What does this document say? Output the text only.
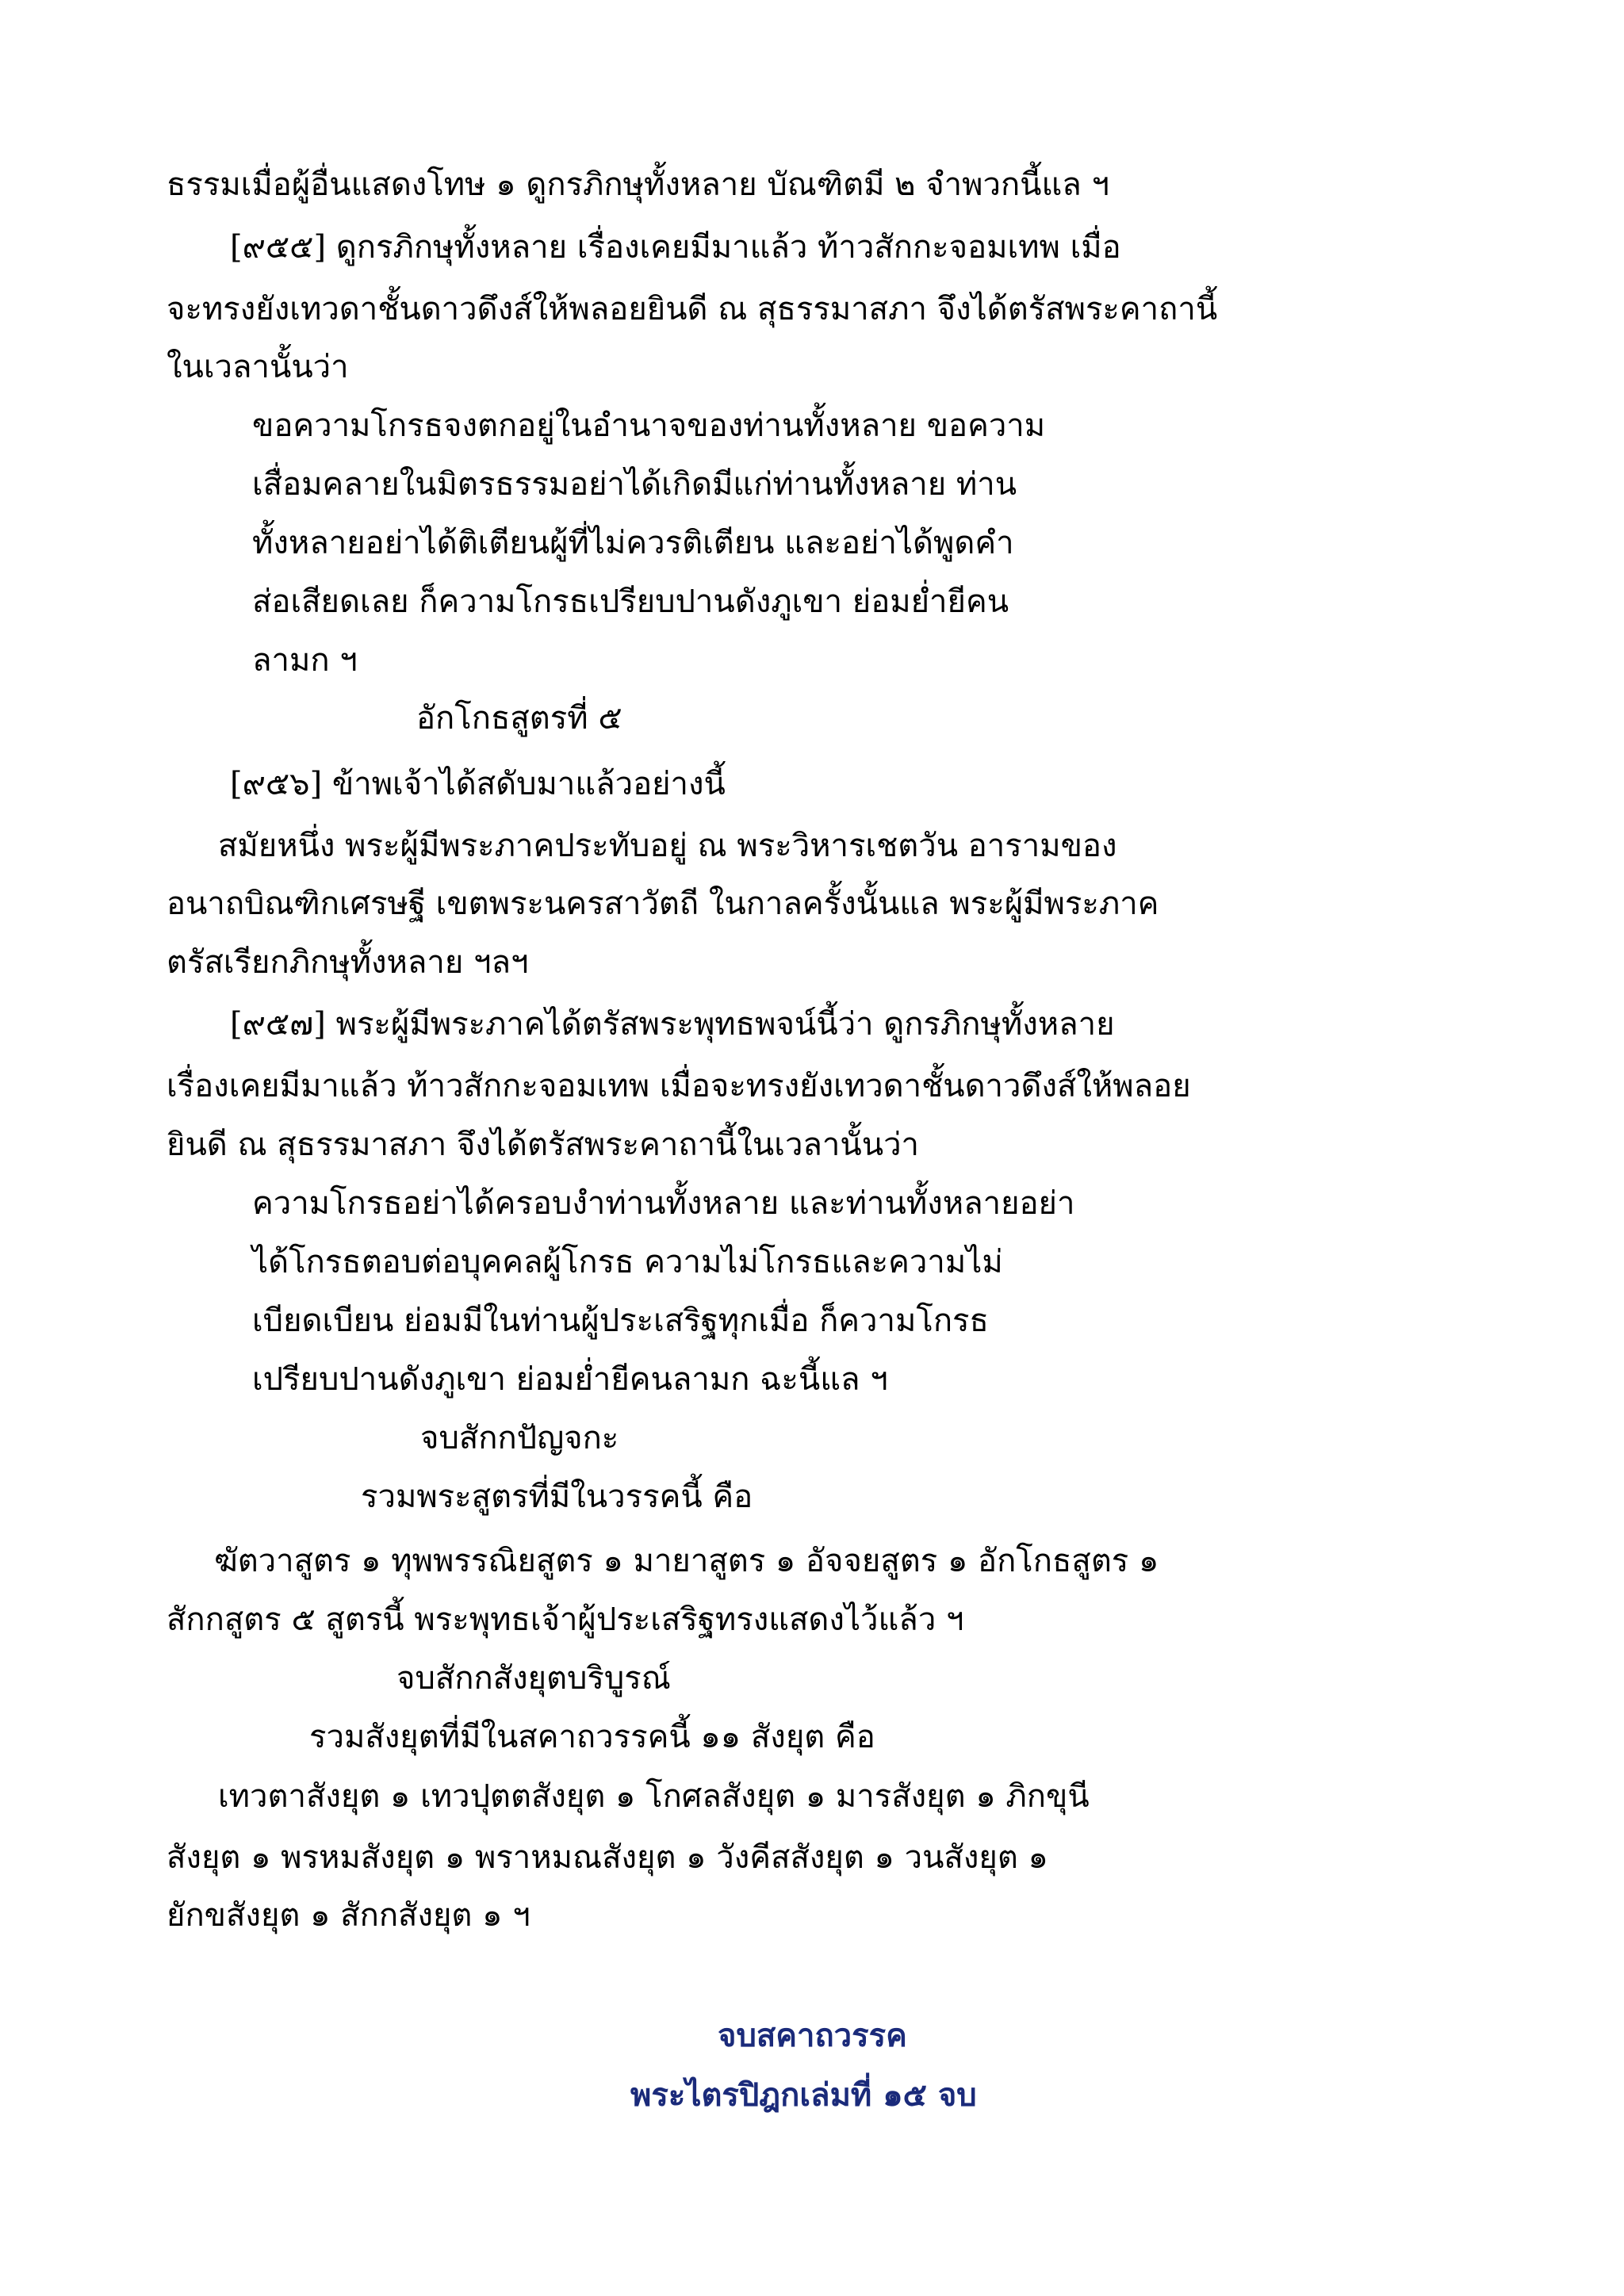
ธรรมเมื่อผู้อื่นแสดงโทษ ๑ ดูกรภิกษุทั้งหลาย บัณฑิตมี ๒ จำพวกนี้แล ฯ
[๙๕๕] ดูกรภิกษุทั้งหลาย เรื่องเคยมีมาแล้ว ท้าวสักกะจอมเทพ เมื่อ
จะทรงยังเทวดาชั้นดาวดึงส์ให้พลอยยินดี ณ สุธรรมาสภา จึงได้ตรัสพระคาถานี้
ในเวลานั้นว่า
ขอความโกรธจงตกอยู่ในอำนาจของท่านทั้งหลาย ขอความ
เสื่อมคลายในมิตรธรรมอย่าได้เกิดมีแก่ท่านทั้งหลาย ท่าน
ทั้งหลายอย่าได้ติเตียนผู้ที่ไม่ควรติเตียน และอย่าได้พูดคำ
ส่อเสียดเลย ก็ความโกรธเปรียบปานดังภูเขา ย่อมย่ำยีคน
ลามก ฯ
อักโกธสูตรที่ ๕
[๙๕๖] ข้าพเจ้าได้สดับมาแล้วอย่างนี้
สมัยหนึ่ง พระผู้มีพระภาคประทับอยู่ ณ พระวิหารเชตวัน อารามของ
อนาถบิณฑิกเศรษฐี เขตพระนครสาวัตถี ในกาลครั้งนั้นแล พระผู้มีพระภาค
ตรัสเรียกภิกษุทั้งหลาย ฯลฯ
[๙๕๗] พระผู้มีพระภาคได้ตรัสพระพุทธพจน์นี้ว่า ดูกรภิกษุทั้งหลาย
เรื่องเคยมีมาแล้ว ท้าวสักกะจอมเทพ เมื่อจะทรงยังเทวดาชั้นดาวดึงส์ให้พลอย
ยินดี ณ สุธรรมาสภา จึงได้ตรัสพระคาถานี้ในเวลานั้นว่า
ความโกรธอย่าได้ครอบงำท่านทั้งหลาย และท่านทั้งหลายอย่า
ได้โกรธตอบต่อบุคคลผู้โกรธ ความไม่โกรธและความไม่
เบียดเบียน ย่อมมีในท่านผู้ประเสริฐทุกเมื่อ ก็ความโกรธ
เปรียบปานดังภูเขา ย่อมย่ำยีคนลามก ฉะนี้แล ฯ
จบสักกปัญจกะ
รวมพระสูตรที่มีในวรรคนี้ คือ
ฆัตวาสูตร ๑ ทุพพรรณิยสูตร ๑ มายาสูตร ๑ อัจจยสูตร ๑ อักโกธสูตร ๑
สักกสูตร ๕ สูตรนี้ พระพุทธเจ้าผู้ประเสริฐทรงแสดงไว้แล้ว ฯ
จบสักกสังยุตบริบูรณ์
รวมสังยุตที่มีในสคาถวรรคนี้ ๑๑ สังยุต คือ
เทวตาสังยุต ๑ เทวปุตตสังยุต ๑ โกศลสังยุต ๑ มารสังยุต ๑ ภิกขุนี
สังยุต ๑ พรหมสังยุต ๑ พราหมณสังยุต ๑ วังคีสสังยุต ๑ วนสังยุต ๑
ยักขสังยุต ๑ สักกสังยุต ๑ ฯ
จบสคาถวรรค
พระไตรปิฎกเล่มที่ ๑๕ จบ
